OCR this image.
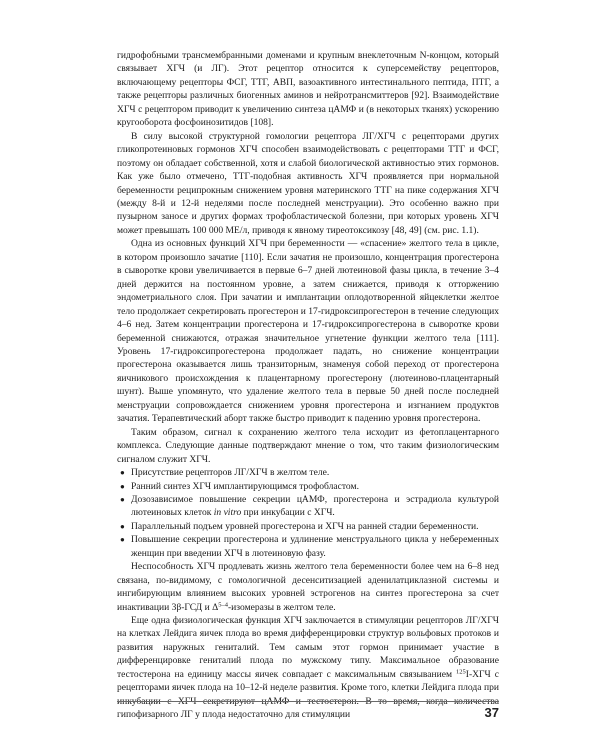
гидрофобными трансмембранными доменами и крупным внеклеточным N-концом, который связывает ХГЧ (и ЛГ). Этот рецептор относится к суперсемейству рецепторов, включающему рецепторы ФСГ, ТТГ, АВП, вазоактивного интестинального пептида, ПТГ, а также рецепторы различных биогенных аминов и нейротрансмиттеров [92]. Взаимодействие ХГЧ с рецептором приводит к увеличению синтеза цАМФ и (в некоторых тканях) ускорению кругооборота фосфоинозитидов [108].

В силу высокой структурной гомологии рецептора ЛГ/ХГЧ с рецепторами других гликопротеиновых гормонов ХГЧ способен взаимодействовать с рецепторами ТТГ и ФСГ, поэтому он обладает собственной, хотя и слабой биологической активностью этих гормонов. Как уже было отмечено, ТТГ-подобная активность ХГЧ проявляется при нормальной беременности реципрокным снижением уровня материнского ТТГ на пике содержания ХГЧ (между 8-й и 12-й неделями после последней менструации). Это особенно важно при пузырном заносе и других формах трофобластической болезни, при которых уровень ХГЧ может превышать 100 000 МЕ/л, приводя к явному тиреотоксикозу [48, 49] (см. рис. 1.1).

Одна из основных функций ХГЧ при беременности — «спасение» желтого тела в цикле, в котором произошло зачатие [110]. Если зачатия не произошло, концентрация прогестерона в сыворотке крови увеличивается в первые 6–7 дней лютеиновой фазы цикла, в течение 3–4 дней держится на постоянном уровне, а затем снижается, приводя к отторжению эндометриального слоя. При зачатии и имплантации оплодотворенной яйцеклетки желтое тело продолжает секретировать прогестерон и 17-гидроксипрогестерон в течение следующих 4–6 нед. Затем концентрации прогестерона и 17-гидроксипрогестерона в сыворотке крови беременной снижаются, отражая значительное угнетение функции желтого тела [111]. Уровень 17-гидроксипрогестерона продолжает падать, но снижение концентрации прогестерона оказывается лишь транзиторным, знаменуя собой переход от прогестерона яичникового происхождения к плацентарному прогестерону (лютеиново-плацентарный шунт). Выше упомянуто, что удаление желтого тела в первые 50 дней после последней менструации сопровождается снижением уровня прогестерона и изгнанием продуктов зачатия. Терапевтический аборт также быстро приводит к падению уровня прогестерона.

Таким образом, сигнал к сохранению желтого тела исходит из фетоплацентарного комплекса. Следующие данные подтверждают мнение о том, что таким физиологическим сигналом служит ХГЧ.

● Присутствие рецепторов ЛГ/ХГЧ в желтом теле.
● Ранний синтез ХГЧ имплантирующимся трофобластом.
● Дозозависимое повышение секреции цАМФ, прогестерона и эстрадиола культурой лютеиновых клеток in vitro при инкубации с ХГЧ.
● Параллельный подъем уровней прогестерона и ХГЧ на ранней стадии беременности.
● Повышение секреции прогестерона и удлинение менструального цикла у небеременных женщин при введении ХГЧ в лютеиновую фазу.

Неспособность ХГЧ продлевать жизнь желтого тела беременности более чем на 6–8 нед связана, по-видимому, с гомологичной десенситизацией аденилатциклазной системы и ингибирующим влиянием высоких уровней эстрогенов на синтез прогестерона за счет инактивации 3β-ГСД и $\Delta^{5-4}$-изомеразы в желтом теле.

Еще одна физиологическая функция ХГЧ заключается в стимуляции рецепторов ЛГ/ХГЧ на клетках Лейдига яичек плода во время дифференцировки структур вольфовых протоков и развития наружных гениталий. Тем самым этот гормон принимает участие в дифференцировке гениталий плода по мужскому типу. Максимальное образование тестостерона на единицу массы яичек совпадает с максимальным связыванием $^{125}$I-ХГЧ с рецепторами яичек плода на 10–12-й неделе развития. Кроме того, клетки Лейдига плода при инкубации с ХГЧ секретируют цАМФ и тестостерон. В то время, когда количества гипофизарного ЛГ у плода недостаточно для стимуляции	37
